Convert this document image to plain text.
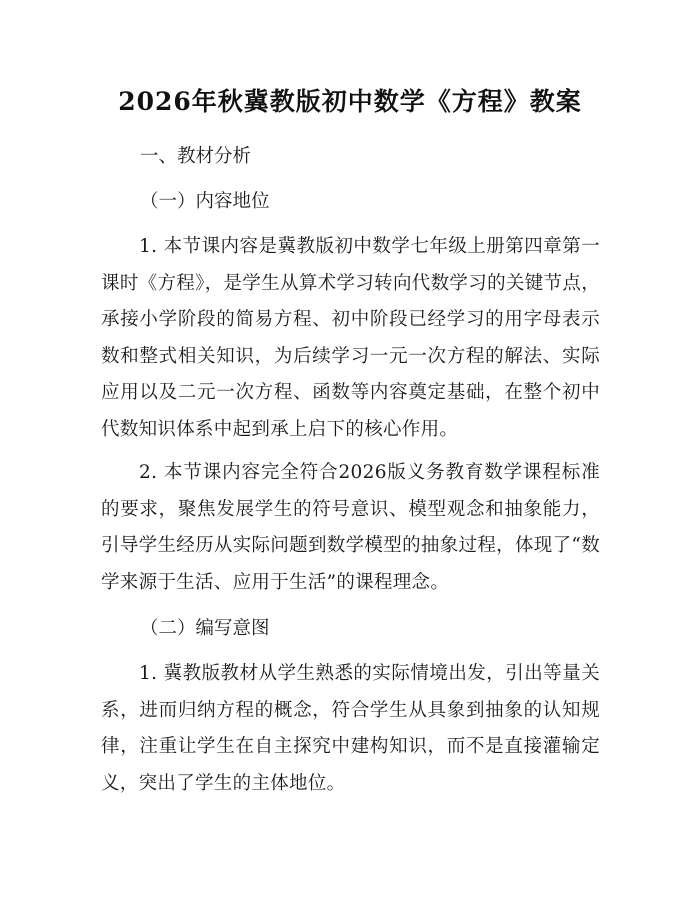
2026年秋冀教版初中数学《方程》教案
一、教材分析
（一）内容地位
1. 本节课内容是冀教版初中数学七年级上册第四章第一课时《方程》，是学生从算术学习转向代数学习的关键节点，承接小学阶段的简易方程、初中阶段已经学习的用字母表示数和整式相关知识，为后续学习一元一次方程的解法、实际应用以及二元一次方程、函数等内容奠定基础，在整个初中代数知识体系中起到承上启下的核心作用。
2. 本节课内容完全符合2026版义务教育数学课程标准的要求，聚焦发展学生的符号意识、模型观念和抽象能力，引导学生经历从实际问题到数学模型的抽象过程，体现了“数学来源于生活、应用于生活”的课程理念。
（二）编写意图
1. 冀教版教材从学生熟悉的实际情境出发，引出等量关系，进而归纳方程的概念，符合学生从具象到抽象的认知规律，注重让学生在自主探究中建构知识，而不是直接灌输定义，突出了学生的主体地位。
